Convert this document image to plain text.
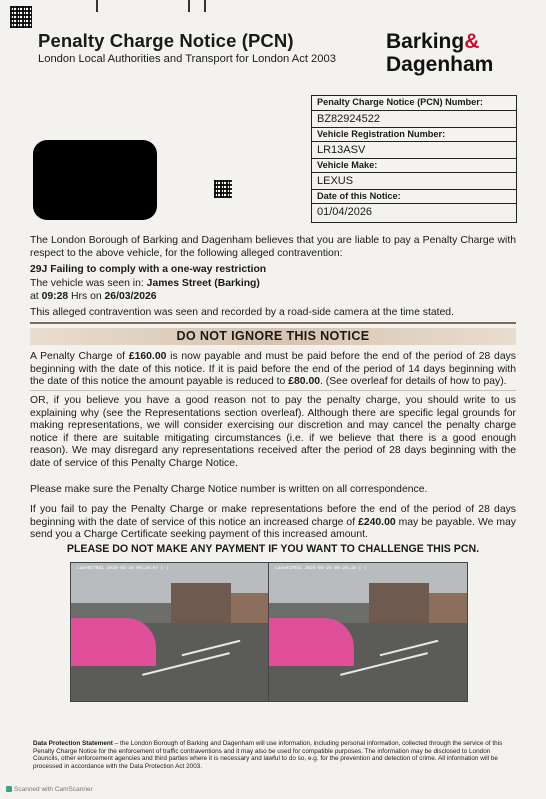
Penalty Charge Notice (PCN)
London Local Authorities and Transport for London Act 2003
Barking&
Dagenham
Penalty Charge Notice (PCN) Number:
BZ82924522
Vehicle Registration Number:
LR13ASV
Vehicle Make:
LEXUS
Date of this Notice:
01/04/2026
The London Borough of Barking and Dagenham believes that you are liable to pay a Penalty Charge with respect to the above vehicle, for the following alleged contravention:
29J Failing to comply with a one-way restriction
The vehicle was seen in: James Street (Barking)
at 09:28 Hrs on 26/03/2026
This alleged contravention was seen and recorded by a road-side camera at the time stated.
DO NOT IGNORE THIS NOTICE
A Penalty Charge of £160.00 is now payable and must be paid before the end of the period of 28 days beginning with the date of this notice. If it is paid before the end of the period of 14 days beginning with the date of this notice the amount payable is reduced to £80.00. (See overleaf for details of how to pay).
OR, if you believe you have a good reason not to pay the penalty charge, you should write to us explaining why (see the Representations section overleaf). Although there are specific legal grounds for making representations, we will consider exercising our discretion and may cancel the penalty charge notice if there are suitable mitigating circumstances (i.e. if we believe that there is a good enough reason). We may disregard any representations received after the period of 28 days beginning with the date of service of this Penalty Charge Notice.
Please make sure the Penalty Charge Notice number is written on all correspondence.
If you fail to pay the Penalty Charge or make representations before the end of the period of 28 days beginning with the date of service of this notice an increased charge of £240.00 may be payable. We may send you a Charge Certificate seeking payment of this increased amount.
PLEASE DO NOT MAKE ANY PAYMENT IF YOU WANT TO CHALLENGE THIS PCN.
Lane01TBS1 2026-03-26 09:28:07 (-)	Lane01TBS1 2026-03-26 09:28:10 (-)
Data Protection Statement – the London Borough of Barking and Dagenham will use information, including personal information, collected through the service of this Penalty Charge Notice for the enforcement of traffic contraventions and it may also be used for compatible purposes. The information may be disclosed to London Councils, other enforcement agencies and third parties where it is necessary and lawful to do so, e.g. for the prevention and detection of crime. All information will be processed in accordance with the Data Protection Act 2003.
Scanned with CamScanner
